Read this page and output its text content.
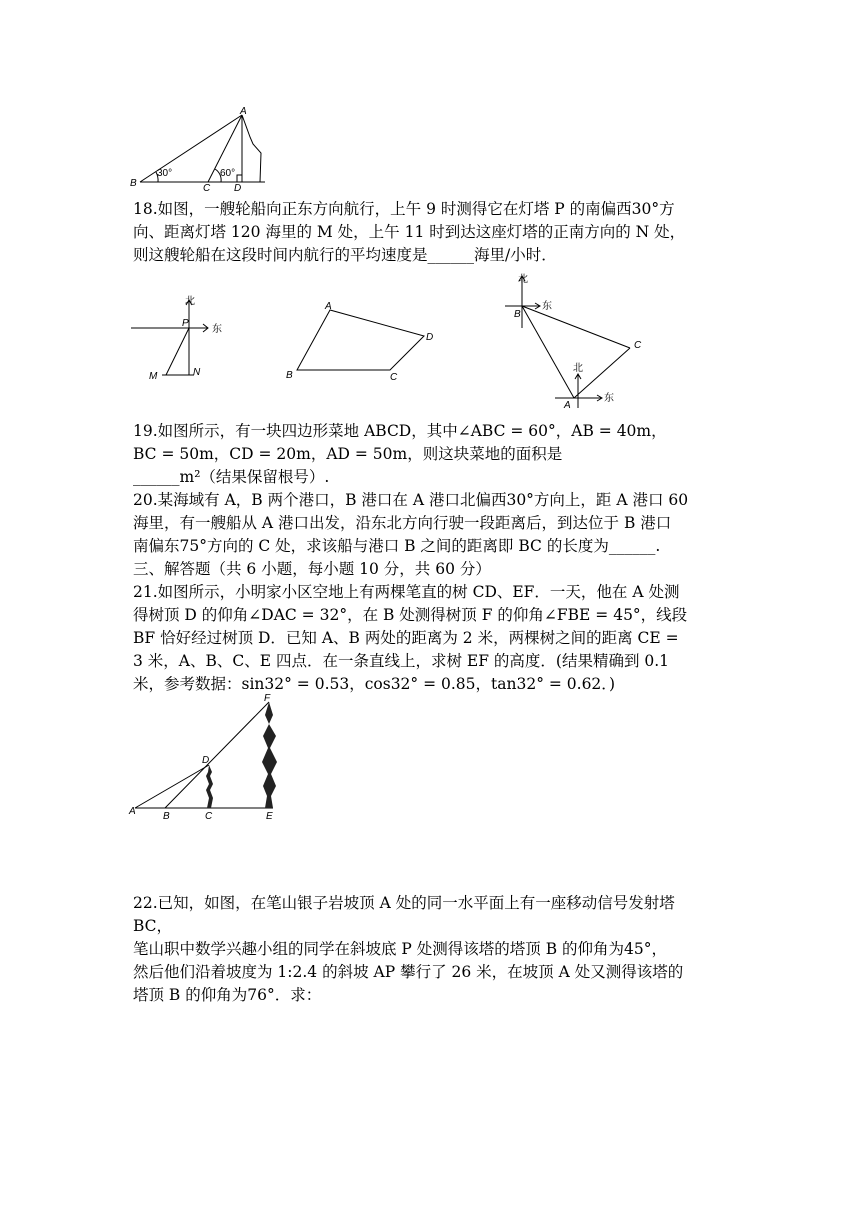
A
B	C D
30°	60°
18.如图，一艘轮船向正东方向航行，上午 9 时测得它在灯塔 P 的南偏西30°方
向、距离灯塔 120 海里的 M 处，上午 11 时到达这座灯塔的正南方向的 N 处，
则这艘轮船在这段时间内航行的平均速度是______海里/小时．
北
东
P
M	N
A
B	C
D
北
东
北
东
A
B
C
19.如图所示，有一块四边形菜地 ABCD，其中∠ABC = 60°，AB = 40m，
BC = 50m，CD = 20m，AD = 50m，则这块菜地的面积是
______m²（结果保留根号）.
20.某海域有 A，B 两个港口，B 港口在 A 港口北偏西30°方向上，距 A 港口 60
海里，有一艘船从 A 港口出发，沿东北方向行驶一段距离后，到达位于 B 港口
南偏东75°方向的 C 处，求该船与港口 B 之间的距离即 BC 的长度为______.
三、解答题（共 6 小题，每小题 10 分，共 60 分）
21.如图所示，小明家小区空地上有两棵笔直的树 CD、EF．一天，他在 A 处测
得树顶 D 的仰角∠DAC = 32°，在 B 处测得树顶 F 的仰角∠FBE = 45°，线段
BF 恰好经过树顶 D．已知 A、B 两处的距离为 2 米，两棵树之间的距离 CE =
3 米，A、B、C、E 四点．在一条直线上，求树 EF 的高度．(结果精确到 0.1
米，参考数据：sin32° = 0.53，cos32° = 0.85，tan32° = 0.62．)
F
D
A	B	C	E
22.已知，如图，在笔山银子岩坡顶 A 处的同一水平面上有一座移动信号发射塔
BC，
笔山职中数学兴趣小组的同学在斜坡底 P 处测得该塔的塔顶 B 的仰角为45°，
然后他们沿着坡度为 1:2.4 的斜坡 AP 攀行了 26 米，在坡顶 A 处又测得该塔的
塔顶 B 的仰角为76°．求：
